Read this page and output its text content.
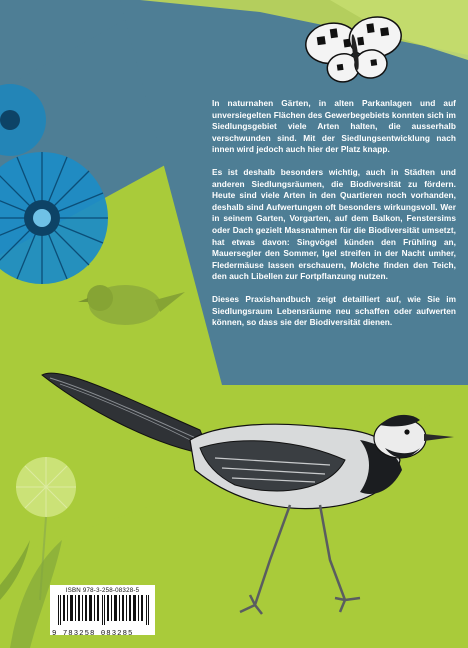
In naturnahen Gärten, in alten Parkanlagen und auf unversiegelten Flächen des Gewerbegebiets konnten sich im Siedlungsgebiet viele Arten halten, die ausserhalb verschwunden sind. Mit der Siedlungsentwicklung nach innen wird jedoch auch hier der Platz knapp.

Es ist deshalb besonders wichtig, auch in Städten und anderen Siedlungsräumen, die Biodiversität zu fördern. Heute sind viele Arten in den Quartieren noch vorhanden, deshalb sind Aufwertungen oft besonders wirkungsvoll. Wer in seinem Garten, Vorgarten, auf dem Balkon, Fenstersims oder Dach gezielt Massnahmen für die Biodiversität umsetzt, hat etwas davon: Singvögel künden den Frühling an, Mauersegler den Sommer, Igel streifen in der Nacht umher, Fledermäuse lassen erschauern, Molche finden den Teich, den auch Libellen zur Fortpflanzung nutzen.

Dieses Praxishandbuch zeigt detailliert auf, wie Sie im Siedlungsraum Lebensräume neu schaffen oder aufwerten können, so dass sie der Biodiversität dienen.

ISBN 978-3-258-08328-5
9 783258 083285
